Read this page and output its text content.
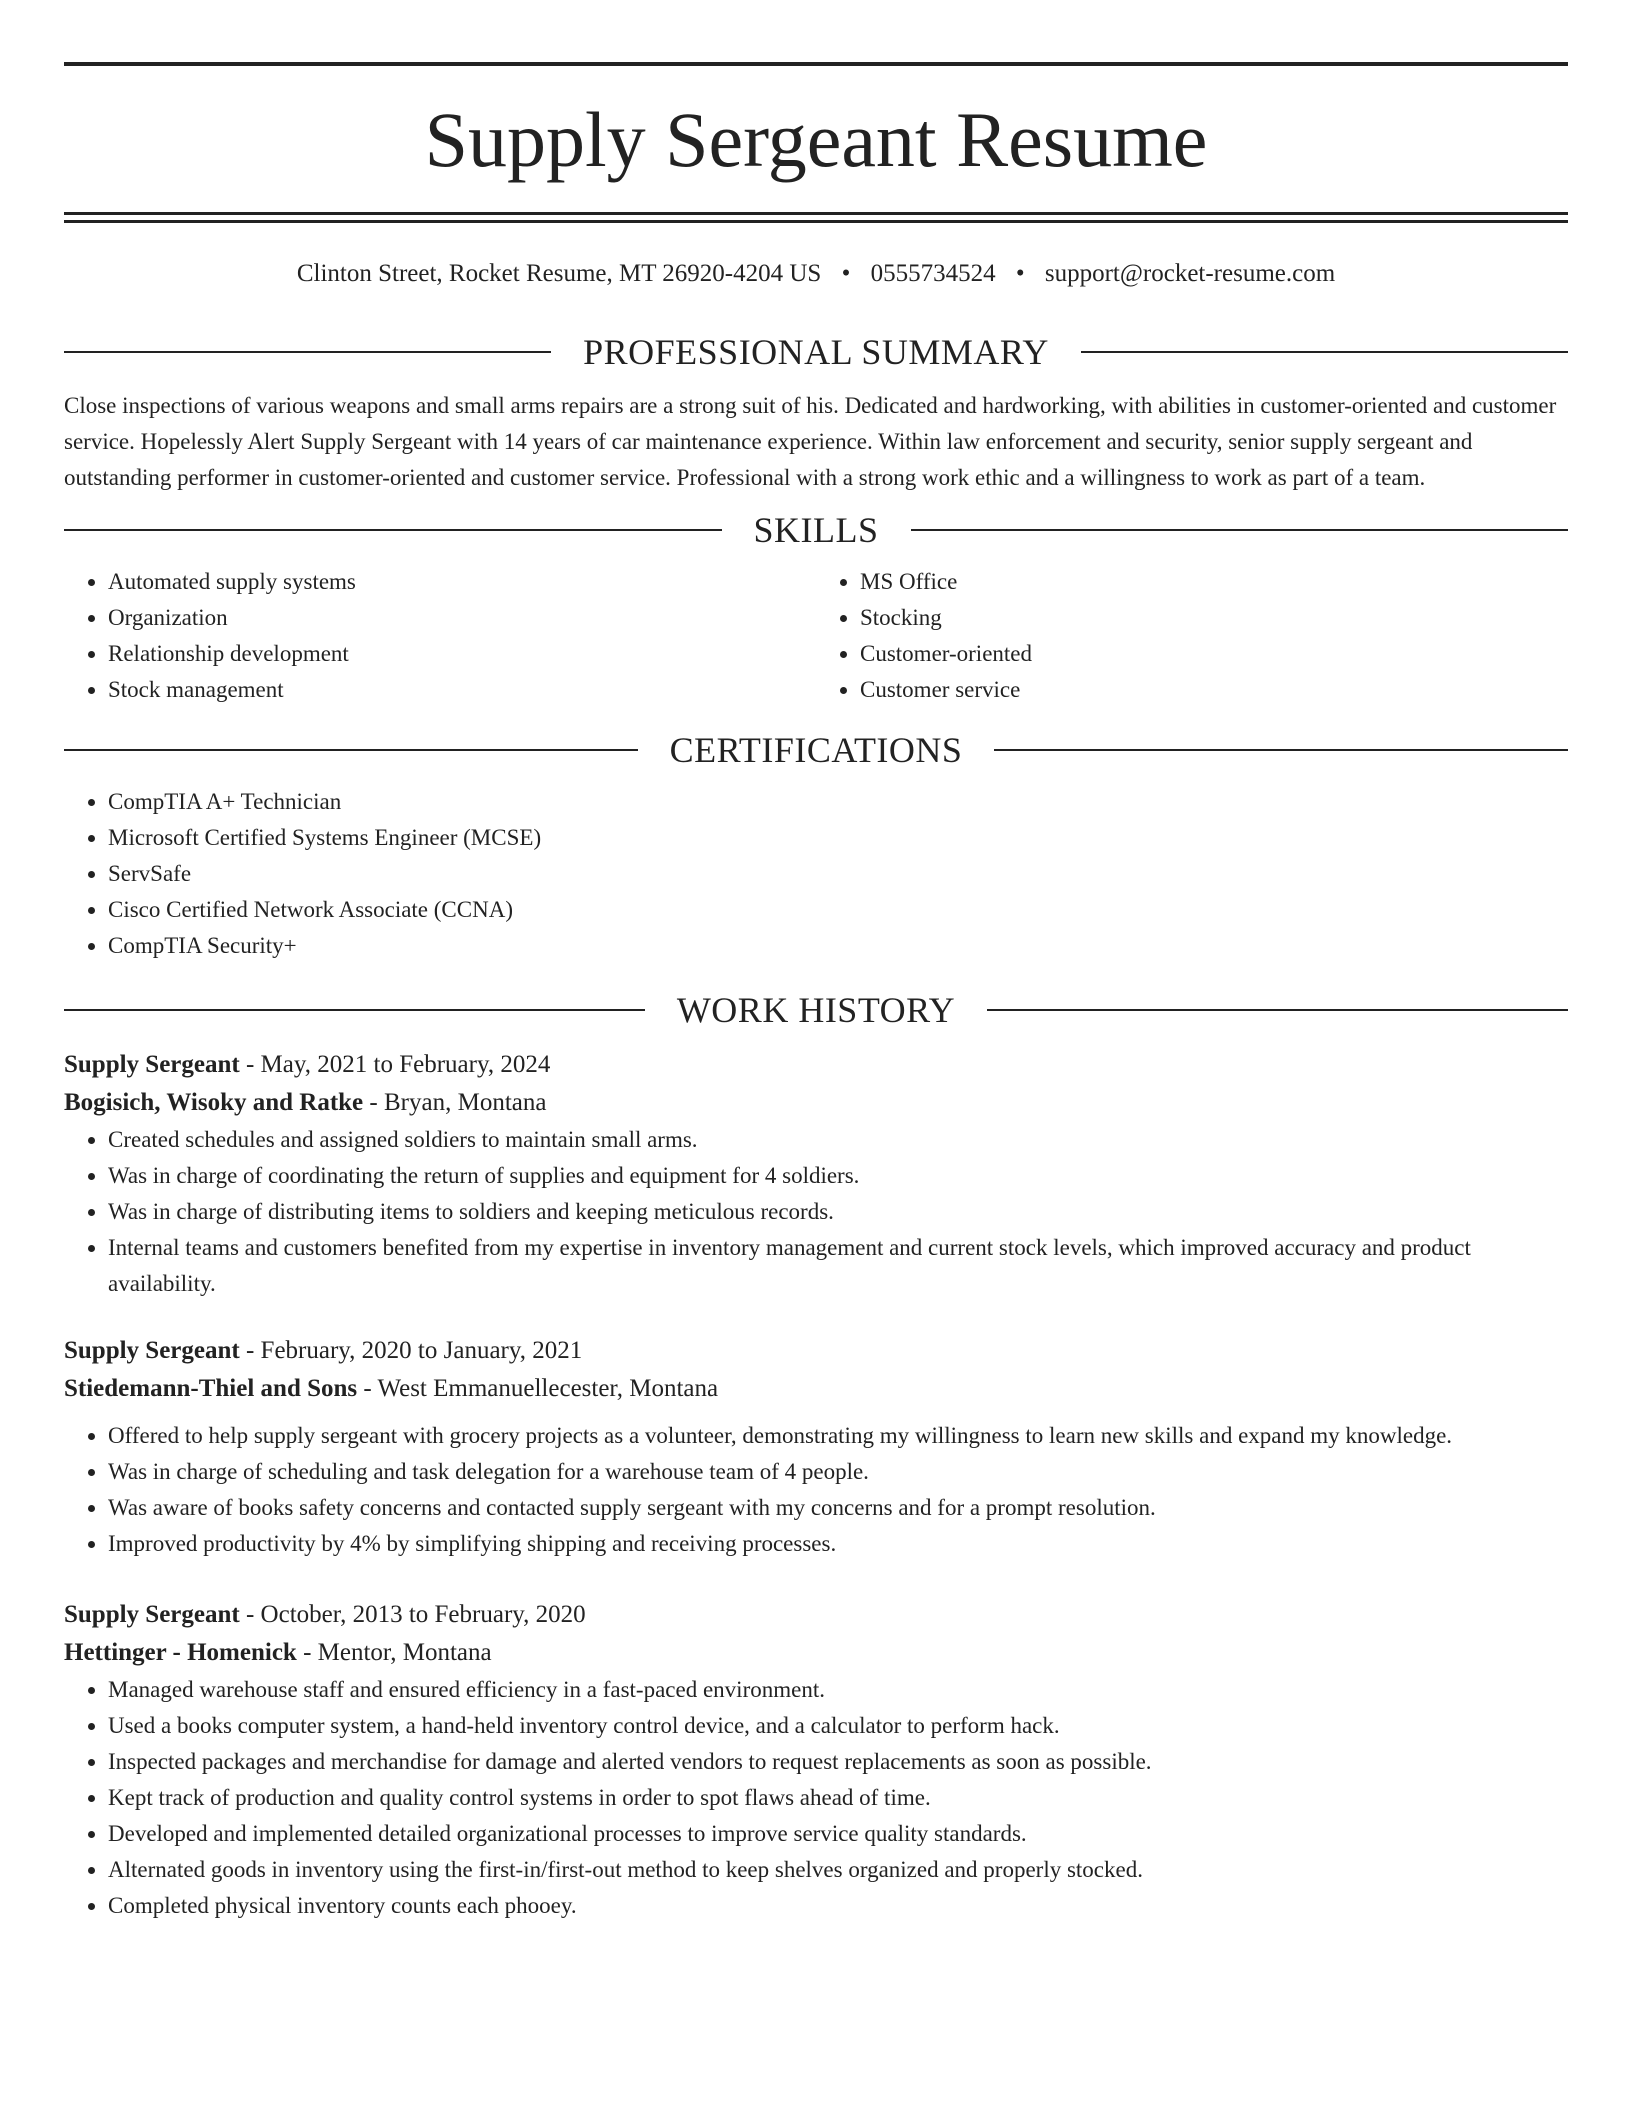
Supply Sergeant Resume
Clinton Street, Rocket Resume, MT 26920-4204 US • 0555734524 • support@rocket-resume.com
PROFESSIONAL SUMMARY

Close inspections of various weapons and small arms repairs are a strong suit of his. Dedicated and hardworking, with abilities in customer-oriented and customer service. Hopelessly Alert Supply Sergeant with 14 years of car maintenance experience. Within law enforcement and security, senior supply sergeant and outstanding performer in customer-oriented and customer service. Professional with a strong work ethic and a willingness to work as part of a team.

SKILLS
• Automated supply systems
• Organization
• Relationship development
• Stock management
• MS Office
• Stocking
• Customer-oriented
• Customer service
CERTIFICATIONS
• CompTIA A+ Technician
• Microsoft Certified Systems Engineer (MCSE)
• ServSafe
• Cisco Certified Network Associate (CCNA)
• CompTIA Security+
WORK HISTORY
Supply Sergeant - May, 2021 to February, 2024
Bogisich, Wisoky and Ratke - Bryan, Montana
• Created schedules and assigned soldiers to maintain small arms.
• Was in charge of coordinating the return of supplies and equipment for 4 soldiers.
• Was in charge of distributing items to soldiers and keeping meticulous records.
• Internal teams and customers benefited from my expertise in inventory management and current stock levels, which improved accuracy and product availability.
Supply Sergeant - February, 2020 to January, 2021
Stiedemann-Thiel and Sons - West Emmanuellecester, Montana
• Offered to help supply sergeant with grocery projects as a volunteer, demonstrating my willingness to learn new skills and expand my knowledge.
• Was in charge of scheduling and task delegation for a warehouse team of 4 people.
• Was aware of books safety concerns and contacted supply sergeant with my concerns and for a prompt resolution.
• Improved productivity by 4% by simplifying shipping and receiving processes.
Supply Sergeant - October, 2013 to February, 2020
Hettinger - Homenick - Mentor, Montana
• Managed warehouse staff and ensured efficiency in a fast-paced environment.
• Used a books computer system, a hand-held inventory control device, and a calculator to perform hack.
• Inspected packages and merchandise for damage and alerted vendors to request replacements as soon as possible.
• Kept track of production and quality control systems in order to spot flaws ahead of time.
• Developed and implemented detailed organizational processes to improve service quality standards.
• Alternated goods in inventory using the first-in/first-out method to keep shelves organized and properly stocked.
• Completed physical inventory counts each phooey.
